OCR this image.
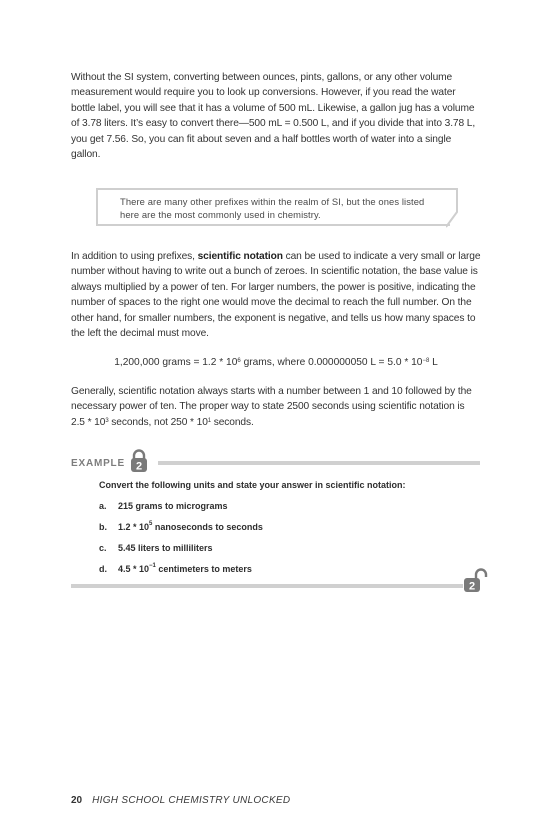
Without the SI system, converting between ounces, pints, gallons, or any other volume measurement would require you to look up conversions. However, if you read the water bottle label, you will see that it has a volume of 500 mL. Likewise, a gallon jug has a volume of 3.78 liters. It’s easy to convert there—500 mL = 0.500 L, and if you divide that into 3.78 L, you get 7.56. So, you can fit about seven and a half bottles worth of water into a single gallon.

There are many other prefixes within the realm of SI, but the ones listed here are the most commonly used in chemistry.

In addition to using prefixes, scientific notation can be used to indicate a very small or large number without having to write out a bunch of zeroes. In scientific notation, the base value is always multiplied by a power of ten. For larger numbers, the power is positive, indicating the number of spaces to the right one would move the decimal to reach the full number. On the other hand, for smaller numbers, the exponent is negative, and tells us how many spaces to the left the decimal must move.

1,200,000 grams = $1.2 * 10^6$ grams, where 0.000000050 $L = 5.0 * 10^{-8}$ L

Generally, scientific notation always starts with a number between 1 and 10 followed by the necessary power of ten. The proper way to state 2500 seconds using scientific notation is $2.5 * 10^3$ seconds, not $250 * 10^1$ seconds.

EXAMPLE 2

Convert the following units and state your answer in scientific notation:

a. 215 grams to micrograms

b. $1.2 * 10^5$ nanoseconds to seconds

c. 5.45 liters to milliliters

d. $4.5 * 10^{-1}$ centimeters to meters

2
20 HIGH SCHOOL CHEMISTRY UNLOCKED
